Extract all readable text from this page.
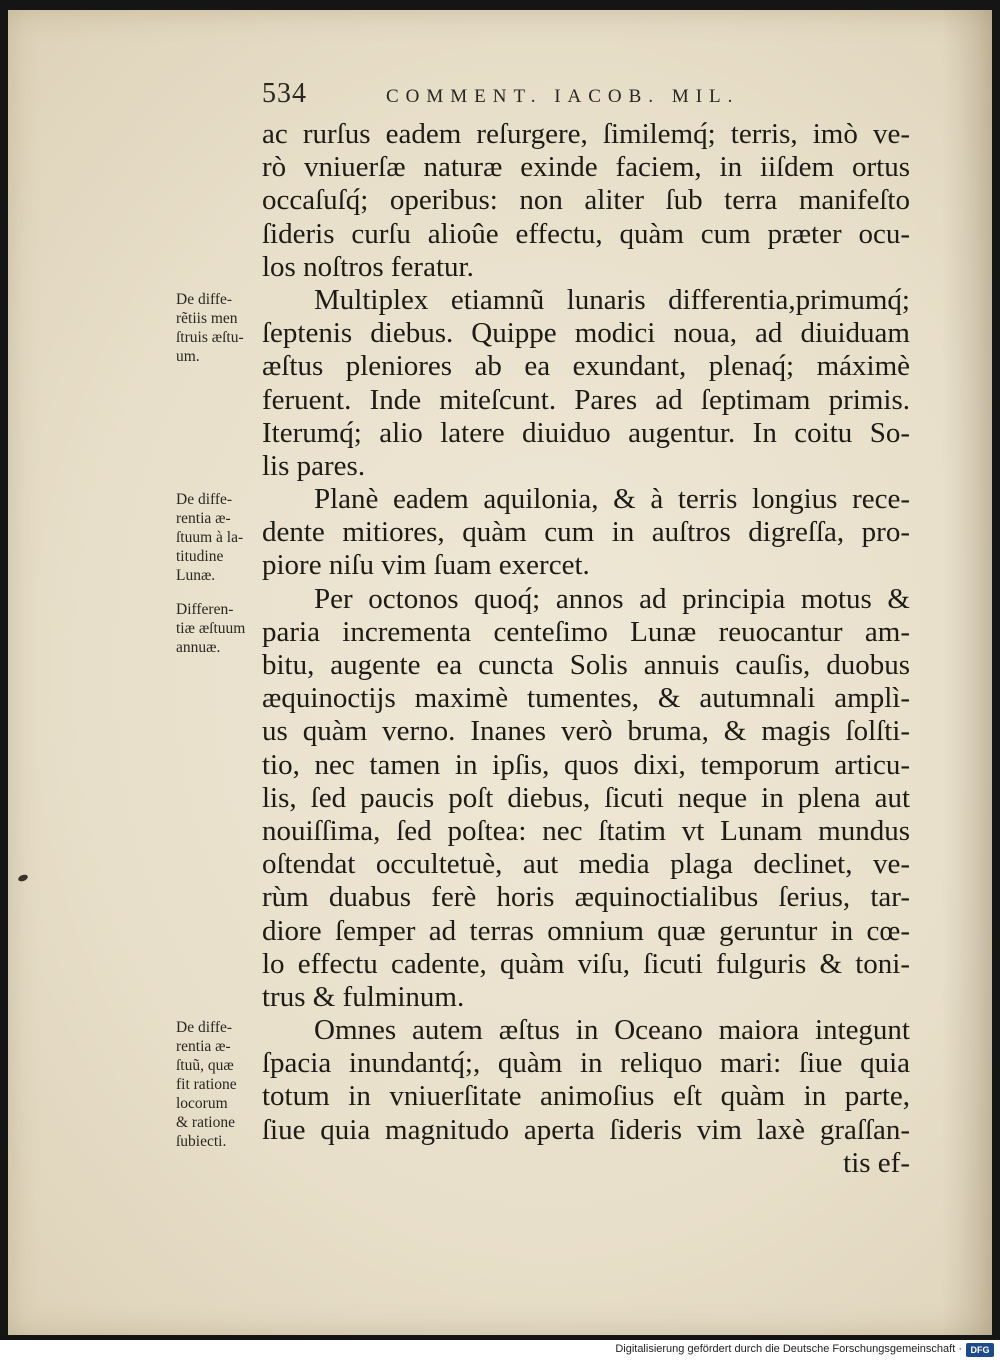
534	COMMENT. IACOB. MIL.
ac rurſus eadem reſurgere, ſimilemq́; terris, imò ve-
rò vniuerſæ naturæ exinde faciem, in iiſdem ortus
occaſuſq́; operibus: non aliter ſub terra manifeſto
ſideris curſu alioûe effectu, quàm cum præter ocu-
los noſtros feratur.
Multiplex etiamnũ lunaris differentia,primumq́;
ſeptenis diebus. Quippe modici noua, ad diuiduam
æſtus pleniores ab ea exundant, plenaq́; máximè
feruent. Inde miteſcunt. Pares ad ſeptimam primis.
Iterumq́; alio latere diuiduo augentur. In coitu So-
lis pares.
Planè eadem aquilonia, & à terris longius rece-
dente mitiores, quàm cum in auſtros digreſſa, pro-
piore niſu vim ſuam exercet.
Per octonos quoq́; annos ad principia motus &
paria incrementa centeſimo Lunæ reuocantur am-
bitu, augente ea cuncta Solis annuis cauſis, duobus
æquinoctijs maximè tumentes, & autumnali amplì-
us quàm verno. Inanes verò bruma, & magis ſolſti-
tio, nec tamen in ipſis, quos dixi, temporum articu-
lis, ſed paucis poſt diebus, ſicuti neque in plena aut
nouiſſima, ſed poſtea: nec ſtatim vt Lunam mundus
oſtendat occultetuè, aut media plaga declinet, ve-
rùm duabus ferè horis æquinoctialibus ſerius, tar-
diore ſemper ad terras omnium quæ geruntur in cœ-
lo effectu cadente, quàm viſu, ſicuti fulguris & toni-
trus & fulminum.
Omnes autem æſtus in Oceano maiora integunt
ſpacia inundantq́;, quàm in reliquo mari: ſiue quia
totum in vniuerſitate animoſius eſt quàm in parte,
ſiue quia magnitudo aperta ſideris vim laxè graſſan-
tis ef-
De diffe-
rẽtiis men
ſtruis æſtu-
um.
De diffe-
rentia æ-
ſtuum à la-
titudine
Lunæ.
Differen-
tiæ æſtuum
annuæ.
De diffe-
rentia æ-
ſtuũ, quæ
fit ratione
locorum
& ratione
ſubiecti.
Digitalisierung gefördert durch die Deutsche Forschungsgemeinschaft · DFG
